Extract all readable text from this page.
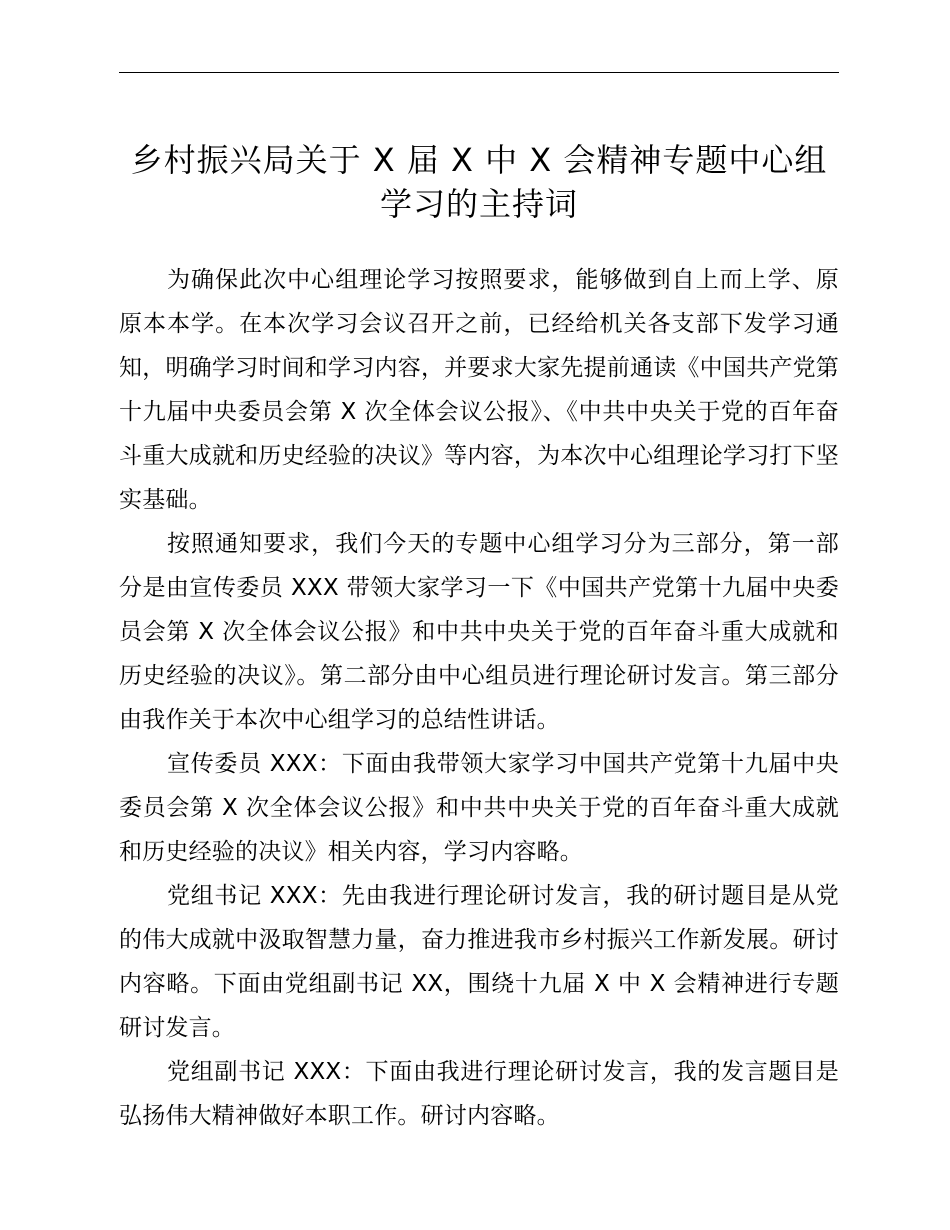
乡村振兴局关于 X 届 X 中 X 会精神专题中心组
学习的主持词

为确保此次中心组理论学习按照要求，能够做到自上而上学、原原本本学。在本次学习会议召开之前，已经给机关各支部下发学习通知，明确学习时间和学习内容，并要求大家先提前通读《中国共产党第十九届中央委员会第 X 次全体会议公报》、《中共中央关于党的百年奋斗重大成就和历史经验的决议》等内容，为本次中心组理论学习打下坚实基础。

按照通知要求，我们今天的专题中心组学习分为三部分，第一部分是由宣传委员 XXX 带领大家学习一下《中国共产党第十九届中央委员会第 X 次全体会议公报》和中共中央关于党的百年奋斗重大成就和历史经验的决议》。第二部分由中心组员进行理论研讨发言。第三部分由我作关于本次中心组学习的总结性讲话。

宣传委员 XXX：下面由我带领大家学习中国共产党第十九届中央委员会第 X 次全体会议公报》和中共中央关于党的百年奋斗重大成就和历史经验的决议》相关内容，学习内容略。

党组书记 XXX：先由我进行理论研讨发言，我的研讨题目是从党的伟大成就中汲取智慧力量，奋力推进我市乡村振兴工作新发展。研讨内容略。下面由党组副书记 XX，围绕十九届 X 中 X 会精神进行专题研讨发言。

党组副书记 XXX：下面由我进行理论研讨发言，我的发言题目是弘扬伟大精神做好本职工作。研讨内容略。
